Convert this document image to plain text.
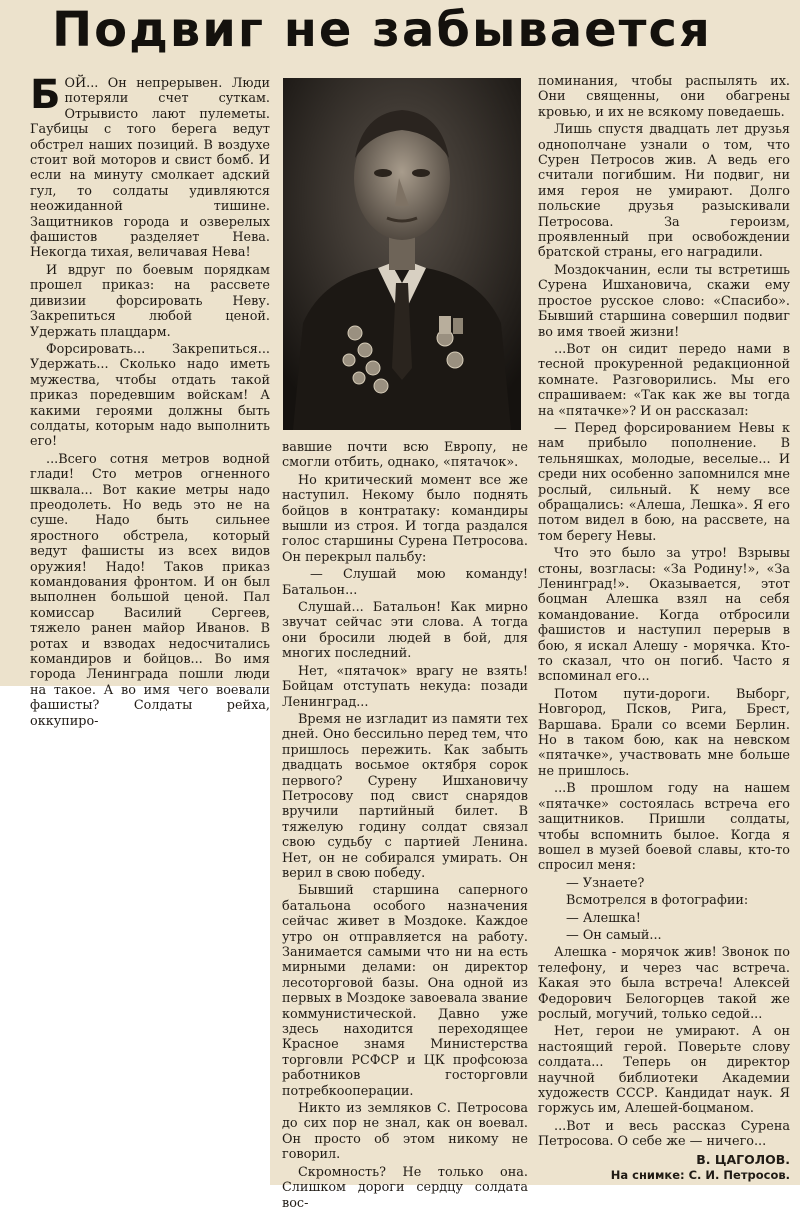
Подвиг не забывается

БОЙ... Он непрерывен. Люди потеряли счет суткам. Отрывисто лают пулеметы. Гаубицы с того берега ведут обстрел наших позиций. В воздухе стоит вой моторов и свист бомб. И если на минуту смолкает адский гул, то солдаты удивляются неожиданной тишине. Защитников города и озверелых фашистов разделяет Нева. Некогда тихая, величавая Нева!

И вдруг по боевым порядкам прошел приказ: на рассвете дивизии форсировать Неву. Закрепиться любой ценой. Удержать плацдарм.

Форсировать... Закрепиться... Удержать... Сколько надо иметь мужества, чтобы отдать такой приказ поредевшим войскам! А какими героями должны быть солдаты, которым надо выполнить его!

...Всего сотня метров водной глади! Сто метров огненного шквала... Вот какие метры надо преодолеть. Но ведь это не на суше. Надо быть сильнее яростного обстрела, который ведут фашисты из всех видов оружия! Надо! Таков приказ командования фронтом. И он был выполнен большой ценой. Пал комиссар Василий Сергеев, тяжело ранен майор Иванов. В ротах и взводах недосчитались командиров и бойцов... Во имя города Ленинграда пошли люди на такое. А во имя чего воевали фашисты? Солдаты рейха, оккупиро-

вавшие почти всю Европу, не смогли отбить, однако, «пятачок».

Но критический момент все же наступил. Некому было поднять бойцов в контратаку: командиры вышли из строя. И тогда раздался голос старшины Сурена Петросова. Он перекрыл пальбу:

— Слушай мою команду! Батальон...

Слушай... Батальон! Как мирно звучат сейчас эти слова. А тогда они бросили людей в бой, для многих последний.

Нет, «пятачок» врагу не взять! Бойцам отступать некуда: позади Ленинград...

Время не изгладит из памяти тех дней. Оно бессильно перед тем, что пришлось пережить. Как забыть двадцать восьмое октября сорок первого? Сурену Ишхановичу Петросову под свист снарядов вручили партийный билет. В тяжелую годину солдат связал свою судьбу с партией Ленина. Нет, он не собирался умирать. Он верил в свою победу.

Бывший старшина саперного батальона особого назначения сейчас живет в Моздоке. Каждое утро он отправляется на работу. Занимается самыми что ни на есть мирными делами: он директор лесоторговой базы. Она одной из первых в Моздоке завоевала звание коммунистической. Давно уже здесь находится переходящее Красное знамя Министерства торговли РСФСР и ЦК профсоюза работников госторговли потребкооперации.

Никто из земляков С. Петросова до сих пор не знал, как он воевал. Он просто об этом никому не говорил.

Скромность? Не только она. Слишком дороги сердцу солдата вос-

поминания, чтобы распылять их. Они священны, они обагрены кровью, и их не всякому поведаешь.

Лишь спустя двадцать лет друзья однополчане узнали о том, что Сурен Петросов жив. А ведь его считали погибшим. Ни подвиг, ни имя героя не умирают. Долго польские друзья разыскивали Петросова. За героизм, проявленный при освобождении братской страны, его наградили.

Моздокчанин, если ты встретишь Сурена Ишхановича, скажи ему простое русское слово: «Спасибо». Бывший старшина совершил подвиг во имя твоей жизни!

...Вот он сидит передо нами в тесной прокуренной редакционной комнате. Разговорились. Мы его спрашиваем: «Так как же вы тогда на «пятачке»? И он рассказал:

— Перед форсированием Невы к нам прибыло пополнение. В тельняшках, молодые, веселые... И среди них особенно запомнился мне рослый, сильный. К нему все обращались: «Алеша, Лешка». Я его потом видел в бою, на рассвете, на том берегу Невы.

Что это было за утро! Взрывы стоны, возгласы: «За Родину!», «За Ленинград!». Оказывается, этот боцман Алешка взял на себя командование. Когда отбросили фашистов и наступил перерыв в бою, я искал Алешу - морячка. Кто-то сказал, что он погиб. Часто я вспоминал его...

Потом пути-дороги. Выборг, Новгород, Псков, Рига, Брест, Варшава. Брали со всеми Берлин. Но в таком бою, как на невском «пятачке», участвовать мне больше не пришлось.

...В прошлом году на нашем «пятачке» состоялась встреча его защитников. Пришли солдаты, чтобы вспомнить былое. Когда я вошел в музей боевой славы, кто-то спросил меня:

— Узнаете?

Всмотрелся в фотографии:

— Алешка!

— Он самый...

Алешка - морячок жив! Звонок по телефону, и через час встреча. Какая это была встреча! Алексей Федорович Белогорцев такой же рослый, могучий, только седой...

Нет, герои не умирают. А он настоящий герой. Поверьте слову солдата... Теперь он директор научной библиотеки Академии художеств СССР. Кандидат наук. Я горжусь им, Алешей-боцманом.

...Вот и весь рассказ Сурена Петросова. О себе же — ничего...

В. ЦАГОЛОВ.
На снимке: С. И. Петросов.
